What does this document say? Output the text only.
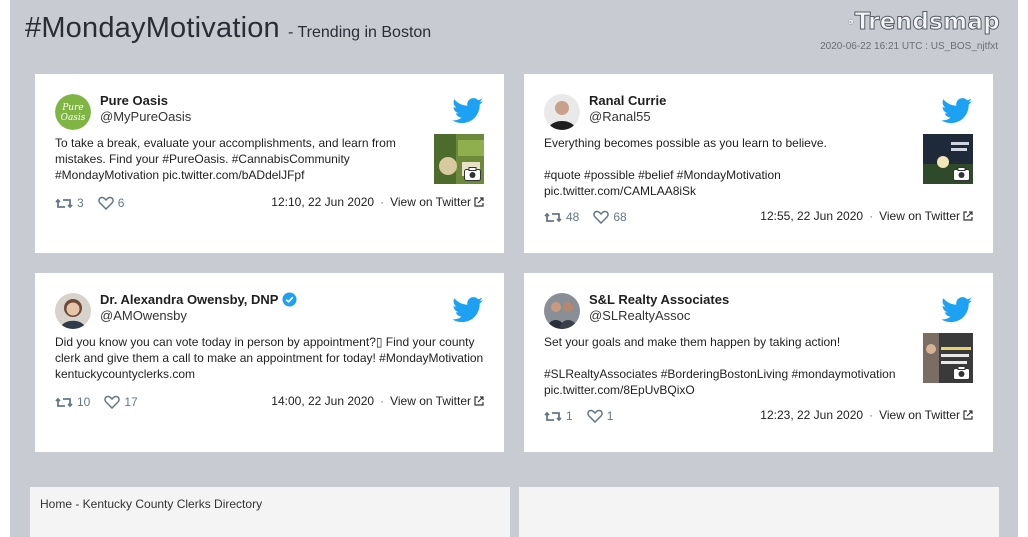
#MondayMotivation - Trending in Boston	Trendsmap
2020-06-22 16:21 UTC : US_BOS_njtfxt
Pure
Oasis
Pure Oasis
@MyPureOasis

To take a break, evaluate your accomplishments, and learn from

mistakes. Find your #PureOasis. #CannabisCommunity

#MondayMotivation pic.twitter.com/bADdelJFpf

3	6	12:10, 22 Jun 2020 · View on Twitter
Ranal Currie
@Ranal55

Everything becomes possible as you learn to believe.

#quote #possible #belief #MondayMotivation

pic.twitter.com/CAMLAA8iSk

48	68	12:55, 22 Jun 2020 · View on Twitter
Dr. Alexandra Owensby, DNP
@AMOwensby

Did you know you can vote today in person by appointment?▯ Find your county

clerk and give them a call to make an appointment for today! #MondayMotivation

kentuckycountyclerks.com

10	17	14:00, 22 Jun 2020 · View on Twitter
S&L Realty Associates
@SLRealtyAssoc

Set your goals and make them happen by taking action!

#SLRealtyAssociates #BorderingBostonLiving #mondaymotivation

pic.twitter.com/8EpUvBQixO

1	1	12:23, 22 Jun 2020 · View on Twitter
Home - Kentucky County Clerks Directory
